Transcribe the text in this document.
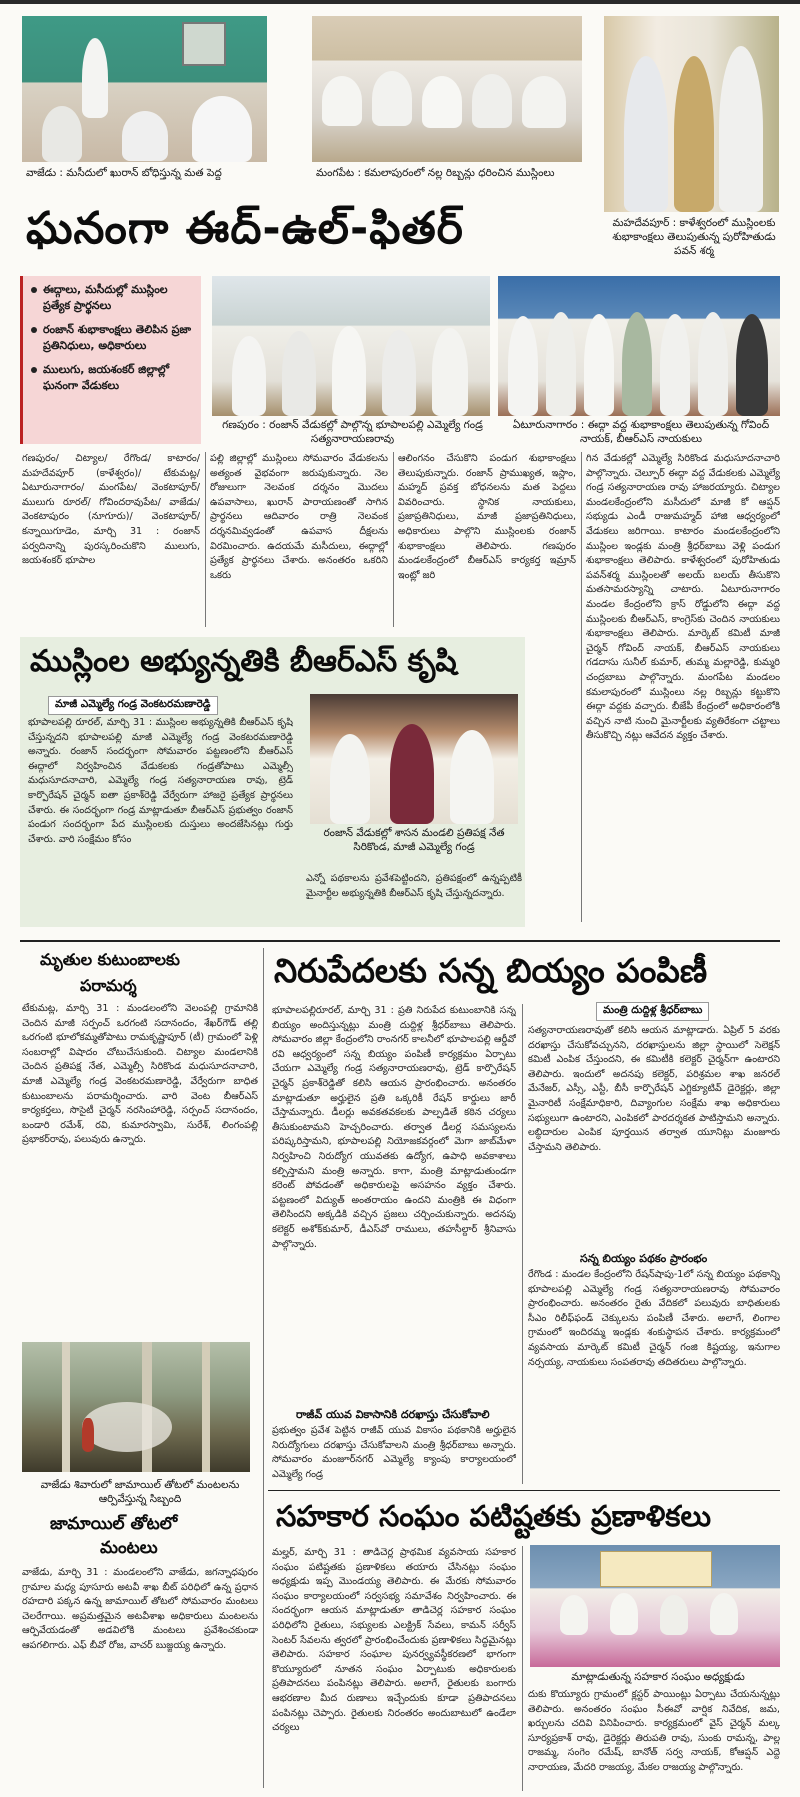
వాజేడు : మసీదులో ఖురాన్ బోధిస్తున్న మత పెద్ద	మంగపేట : కమలాపురంలో నల్ల రిబ్బన్లు ధరించిన ముస్లింలు
మహదేవపూర్ : కాళేశ్వరంలో ముస్లింలకు శుభాకాంక్షలు తెలుపుతున్న పురోహితుడు పవన్ శర్మ
ఘనంగా ఈద్-ఉల్-ఫితర్
ఈద్గాలు, మసీదుల్లో ముస్లింల ప్రత్యేక ప్రార్థనలు
రంజాన్ శుభాకాంక్షలు తెలిపిన ప్రజా ప్రతినిధులు, అధికారులు
ములుగు, జయశంకర్ జిల్లాల్లో ఘనంగా వేడుకలు
గణపురం : రంజాన్ వేడుకల్లో పాల్గొన్న భూపాలపల్లి ఎమ్మెల్యే గండ్ర సత్యనారాయణరావు
ఏటూరునాగారం : ఈద్గా వద్ద శుభాకాంక్షలు తెలుపుతున్న గోవింద్ నాయక్, బీఆర్ఎస్ నాయకులు
గణపురం/ చిట్యాల/ రేగొండ/ కాటారం/ మహదేవపూర్ (కాళేశ్వరం)/ టేకుమట్ల/ఏటూరునాగారం/ మంగపేట/ వెంకటాపూర్/ ములుగు రూరల్/ గోవిందరావుపేట/ వాజేడు/ వెంకటాపురం (నూగూరు)/ వెంకటాపూర్/కన్నాయిగూడెం, మార్చి 31 : రంజాన్ పర్వదినాన్ని పురస్కరించుకొని ములుగు, జయశంకర్ భూపాల
పల్లి జిల్లాల్లో ముస్లింలు సోమవారం వేడుకలను అత్యంత వైభవంగా జరుపుకున్నారు. నెల రోజులుగా నెలవంక దర్శనం మొదలు ఉపవాసాలు, ఖురాన్ పారాయణంతో సాగిన ప్రార్థనలు ఆదివారం రాత్రి నెలవంక దర్శనమివ్వడంతో ఉపవాస దీక్షలను విరమించారు. ఉదయమే మసీదులు, ఈద్గాల్లో ప్రత్యేక ప్రార్థనలు చేశారు. అనంతరం ఒకరిని ఒకరు
ఆలింగనం చేసుకొని పండుగ శుభాకాంక్షలు తెలుపుకున్నారు. రంజాన్ ప్రాముఖ్యత, ఇస్లాం, మహ్మద్ ప్రవక్త బోధనలను మత పెద్దలు వివరించారు. స్థానిక నాయకులు, ప్రజాప్రతినిధులు, మాజీ ప్రజాప్రతినిధులు, అధికారులు పాల్గొని ముస్లింలకు రంజాన్ శుభాకాంక్షలు తెలిపారు. గణపురం మండలకేంద్రంలో బీఆర్ఎస్ కార్యకర్త ఇమ్రాన్ ఇంట్లో జరి
గిన వేడుకల్లో ఎమ్మెల్యే సిరికొండ మధుసూదనాచారి పాల్గొన్నారు. చెల్పూర్ ఈద్గా వద్ద వేడుకలకు ఎమ్మెల్యే గండ్ర సత్యనారాయణ రావు హాజరయ్యారు. చిట్యాల మండలకేంద్రంలోని మసీదులో మాజీ కో ఆప్షన్ సభ్యుడు ఎండీ రాజుమహ్మద్ హాజి ఆధ్వర్యంలో వేడుకలు జరిగాయి. కాటారం మండలకేంద్రంలోని ముస్లింల ఇండ్లకు మంత్రి శ్రీధర్‌బాబు వెళ్లి పండుగ శుభాకాంక్షలు తెలిపారు. కాళేశ్వరంలో పురోహితుడు పవన్‌శర్మ ముస్లింలతో అలయ్ బలయ్ తీసుకొని మతసామరస్యాన్ని చాటారు. ఏటూరునాగారం మండల కేంద్రంలోని క్రాస్ రోడ్డులోని ఈద్గా వద్ద ముస్లింలకు బీఆర్ఎస్, కాంగ్రెస్‌కు చెందిన నాయకులు శుభాకాంక్షలు తెలిపారు. మార్కెట్ కమిటీ మాజీ చైర్మన్ గోవింద్ నాయక్, బీఆర్ఎస్ నాయకులు గడదాసు సునీల్ కుమార్, తుమ్మ మల్లారెడ్డి, కుమ్మరి చంద్రబాబు పాల్గొన్నారు. మంగపేట మండలం కమలాపురంలో ముస్లింలు నల్ల రిబ్బన్లు కట్టుకొని ఈద్గా వద్దకు వచ్చారు. బీజేపీ కేంద్రంలో అధికారంలోకి వచ్చిన నాటి నుంచి మైనార్టీలకు వ్యతిరేకంగా చట్టాలు తీసుకొచ్చి నట్లు ఆవేదన వ్యక్తం చేశారు.
ముస్లింల అభ్యున్నతికి బీఆర్ఎస్ కృషి
మాజీ ఎమ్మెల్యే గండ్ర వెంకటరమణారెడ్డి
భూపాలపల్లి రూరల్, మార్చి 31 : ముస్లింల అభ్యున్నతికి బీఆర్ఎస్ కృషి చేస్తున్నదని భూపాలపల్లి మాజీ ఎమ్మెల్యే గండ్ర వెంకటరమణారెడ్డి అన్నారు. రంజాన్ సందర్భంగా సోమవారం పట్టణంలోని బీఆర్ఎస్ ఈద్గాలో నిర్వహించిన వేడుకలకు గండ్రతోపాటు ఎమ్మెల్సీ మధుసూదనాచారి, ఎమ్మెల్యే గండ్ర సత్యనారాయణ రావు, ట్రెడ్ కార్పొరేషన్ చైర్మన్ ఐతా ప్రకాశ్‌రెడ్డి వేర్వేరుగా హాజరై ప్రత్యేక ప్రార్థనలు చేశారు. ఈ సందర్భంగా గండ్ర మాట్లాడుతూ బీఆర్ఎస్ ప్రభుత్వం రంజాన్ పండుగ సందర్భంగా పేద ముస్లింలకు దుస్తులు అందజేసినట్లు గుర్తు చేశారు. వారి సంక్షేమం కోసం
రంజాన్ వేడుకల్లో శాసన మండలి ప్రతిపక్ష నేత సిరికొండ, మాజీ ఎమ్మెల్యే గండ్ర
ఎన్నో పథకాలను ప్రవేశపెట్టిందని, ప్రతిపక్షంలో ఉన్నప్పటికీ మైనార్టీల అభ్యున్నతికి బీఆర్ఎస్ కృషి చేస్తున్నదన్నారు.
మృతుల కుటుంబాలకు
పరామర్శ
టేకుమట్ల, మార్చి 31 : మండలంలోని వెలంపల్లి గ్రామానికి చెందిన మాజీ సర్పంచ్ ఒరగంటి సదానందం, శేఖర్‌గౌడ్ తల్లి ఒరగంటి భూలోకమ్మతోపాటు రామకృష్ణాపూర్ (టీ) గ్రామంలో పెళ్లి సంబరాల్లో విషాదం చోటుచేసుకుంది. చిట్యాల మండలానికి చెందిన ప్రతిపక్ష నేత, ఎమ్మెల్సీ సిరికొండ మధుసూదనాచారి, మాజీ ఎమ్మెల్యే గండ్ర వెంకటరమణారెడ్డి, వేర్వేరుగా బాధిత కుటుంబాలను పరామర్శించారు. వారి వెంట బీఆర్ఎస్ కార్యకర్తలు, సొసైటీ చైర్మన్ నరసింహారెడ్డి, సర్పంచ్ సదానందం, బండారి రమేశ్, రవి, కుమారస్వామి, సురేశ్, లింగంపల్లి ప్రభాకర్‌రావు, పలువురు ఉన్నారు.
వాజేడు శివారులో జామాయిల్ తోటలో మంటలను ఆర్పివేస్తున్న సిబ్బంది
జామాయిల్ తోటలో
మంటలు
వాజేడు, మార్చి 31 : మండలంలోని వాజేడు, జగన్నాధపురం గ్రామాల మధ్య పూసూరు అటవీ శాఖ బీట్ పరిధిలో ఉన్న ప్రధాన రహదారి పక్కన ఉన్న జామాయిల్ తోటలో సోమవారం మంటలు చెలరేగాయి. అప్రమత్తమైన అటవీశాఖ అధికారులు మంటలను ఆర్పివేయడంతో అడవిలోకి మంటలు ప్రవేశించకుండా ఆపగలిగారు. ఎఫ్ బీవో రోజ, వాచర్ బుజ్జయ్య ఉన్నారు.
నిరుపేదలకు సన్న బియ్యం పంపిణీ
మంత్రి దుద్దిళ్ల శ్రీధర్‌బాబు
భూపాలపల్లిరూరల్, మార్చి 31 : ప్రతి నిరుపేద కుటుంబానికి సన్న బియ్యం అందిస్తున్నట్లు మంత్రి దుద్దిళ్ల శ్రీధర్‌బాబు తెలిపారు. సోమవారం జిల్లా కేంద్రంలోని రాంనగర్ కాలనీలో భూపాలపల్లి ఆర్డీవో రవి ఆధ్వర్యంలో సన్న బియ్యం పంపిణీ కార్యక్రమం ఏర్పాటు చేయగా ఎమ్మెల్యే గండ్ర సత్యనారాయణరావు, ట్రెడ్ కార్పొరేషన్ చైర్మన్ ప్రకాశ్‌రెడ్డితో కలిసి ఆయన ప్రారంభించారు. అనంతరం మాట్లాడుతూ అర్హులైన ప్రతి ఒక్కరికీ రేషన్ కార్డులు జారీ చేస్తామన్నారు. డీలర్లు అవకతవకలకు పాల్పడితే కఠిన చర్యలు తీసుకుంటామని హెచ్చరించారు. తర్వాత డీలర్ల సమస్యలను పరిష్కరిస్తామని, భూపాలపల్లి నియోజకవర్గంలో మెగా జాబ్‌మేళా నిర్వహించి నిరుద్యోగ యువతకు ఉద్యోగ, ఉపాధి అవకాశాలు కల్పిస్తామని మంత్రి అన్నారు. కాగా, మంత్రి మాట్లాడుతుండగా కరెంట్ పోవడంతో అధికారులపై అసహనం వ్యక్తం చేశారు. పట్టణంలో విద్యుత్ అంతరాయం ఉందని మంత్రికి ఈ విధంగా తెలిసిందని అక్కడికి వచ్చిన ప్రజలు చర్చించుకున్నారు. అదనపు కలెక్టర్ అశోక్‌కుమార్, డీఎస్‌వో రాములు, తహసీల్దార్ శ్రీనివాసు పాల్గొన్నారు.
రాజీవ్ యువ వికాసానికి దరఖాస్తు చేసుకోవాలి
ప్రభుత్వం ప్రవేశ పెట్టిన రాజీవ్ యువ వికాసం పథకానికి అర్హులైన నిరుద్యోగులు దరఖాస్తు చేసుకోవాలని మంత్రి శ్రీధర్‌బాబు అన్నారు. సోమవారం మంజూర్‌నగర్ ఎమ్మెల్యే క్యాంపు కార్యాలయంలో ఎమ్మెల్యే గండ్ర
సత్యనారాయణరావుతో కలిసి ఆయన మాట్లాడారు. ఏప్రిల్ 5 వరకు దరఖాస్తు చేసుకోవచ్చునని, దరఖాస్తులను జిల్లా స్థాయిలో సెలెక్షన్ కమిటీ ఎంపిక చేస్తుందని, ఈ కమిటీకి కలెక్టర్ చైర్మన్‌గా ఉంటారని తెలిపారు. ఇందులో అదనపు కలెక్టర్, పరిశ్రమల శాఖ జనరల్ మేనేజర్, ఎస్సీ, ఎస్టీ, బీసీ కార్పొరేషన్ ఎగ్జిక్యూటివ్ డైరెక్టర్లు, జిల్లా మైనారిటీ సంక్షేమాధికారి, దివ్యాంగుల సంక్షేమ శాఖ అధికారులు సభ్యులుగా ఉంటారని, ఎంపికలో పారదర్శకత పాటిస్తామని అన్నారు. లబ్ధిదారుల ఎంపిక పూర్తయిన తర్వాత యూనిట్లు మంజూరు చేస్తామని తెలిపారు.
సన్న బియ్యం పథకం ప్రారంభం
రేగొండ : మండల కేంద్రంలోని రేషన్‌షాపు-1లో సన్న బియ్యం పథకాన్ని భూపాలపల్లి ఎమ్మెల్యే గండ్ర సత్యనారాయణరావు సోమవారం ప్రారంభించారు. అనంతరం రైతు వేదికలో పలువురు బాధితులకు సీఎం రిలీఫ్‌ఫండ్ చెక్కులను పంపిణీ చేశారు. అలాగే, లింగాల గ్రామంలో ఇందిరమ్మ ఇండ్లకు శంకుస్థాపన చేశారు. కార్యక్రమంలో వ్యవసాయ మార్కెట్ కమిటీ చైర్మన్ గంజి కిష్టయ్య, ఇనుగాల నర్సయ్య, నాయకులు సంపతరావు తదితరులు పాల్గొన్నారు.
సహకార సంఘం పటిష్టతకు ప్రణాళికలు
మల్హర్, మార్చి 31 : తాడిచెర్ల ప్రాథమిక వ్యవసాయ సహకార సంఘం పటిష్టతకు ప్రణాళికలు తయారు చేసినట్లు సంఘం అధ్యక్షుడు ఇప్ప మొండయ్య తెలిపారు. ఈ మేరకు సోమవారం సంఘం కార్యాలయంలో సర్వసభ్య సమావేశం నిర్వహించారు. ఈ సందర్భంగా ఆయన మాట్లాడుతూ తాడిచెర్ల సహకార సంఘం పరిధిలోని రైతులు, సభ్యులకు ఎలక్ట్రిక్ సేవలు, కామన్ సర్వీస్ సెంటర్ సేవలను త్వరలో ప్రారంభించేందుకు ప్రణాళికలు సిద్ధమైనట్లు తెలిపారు. సహకార సంఘాల పునర్వ్యవస్థీకరణలో భాగంగా కొయ్యూరులో నూతన సంఘం ఏర్పాటుకు అధికారులకు ప్రతిపాదనలు పంపినట్లు తెలిపారు. అలాగే, రైతులకు బంగారు ఆభరణాల మీద రుణాలు ఇచ్చేందుకు కూడా ప్రతిపాదనలు పంపినట్లు చెప్పారు. రైతులకు నిరంతరం అందుబాటులో ఉండేలా చర్యలు
మాట్లాడుతున్న సహకార సంఘం అధ్యక్షుడు
దుకు కొయ్యూరు గ్రామంలో క్లస్టర్ పాయింట్లు ఏర్పాటు చేయనున్నట్లు తెలిపారు. అనంతరం సంఘం సీఈవో వార్షిక నివేదిక, జమ, ఖర్చులను చదివి వినిపించారు. కార్యక్రమంలో వైస్ చైర్మన్ మల్క సూర్యప్రకాశ్ రావు, డైరెక్టర్లు తిరుపతి రావు, సుంకు రామన్న, పాల్ల రాజమ్మ, సంగెం రమేష్, బానోత్ సర్వ నాయక్, కోఆప్షన్ ఎద్దె నారాయణ, మేదరి రాజయ్య, మేకల రాజయ్య పాల్గొన్నారు.
